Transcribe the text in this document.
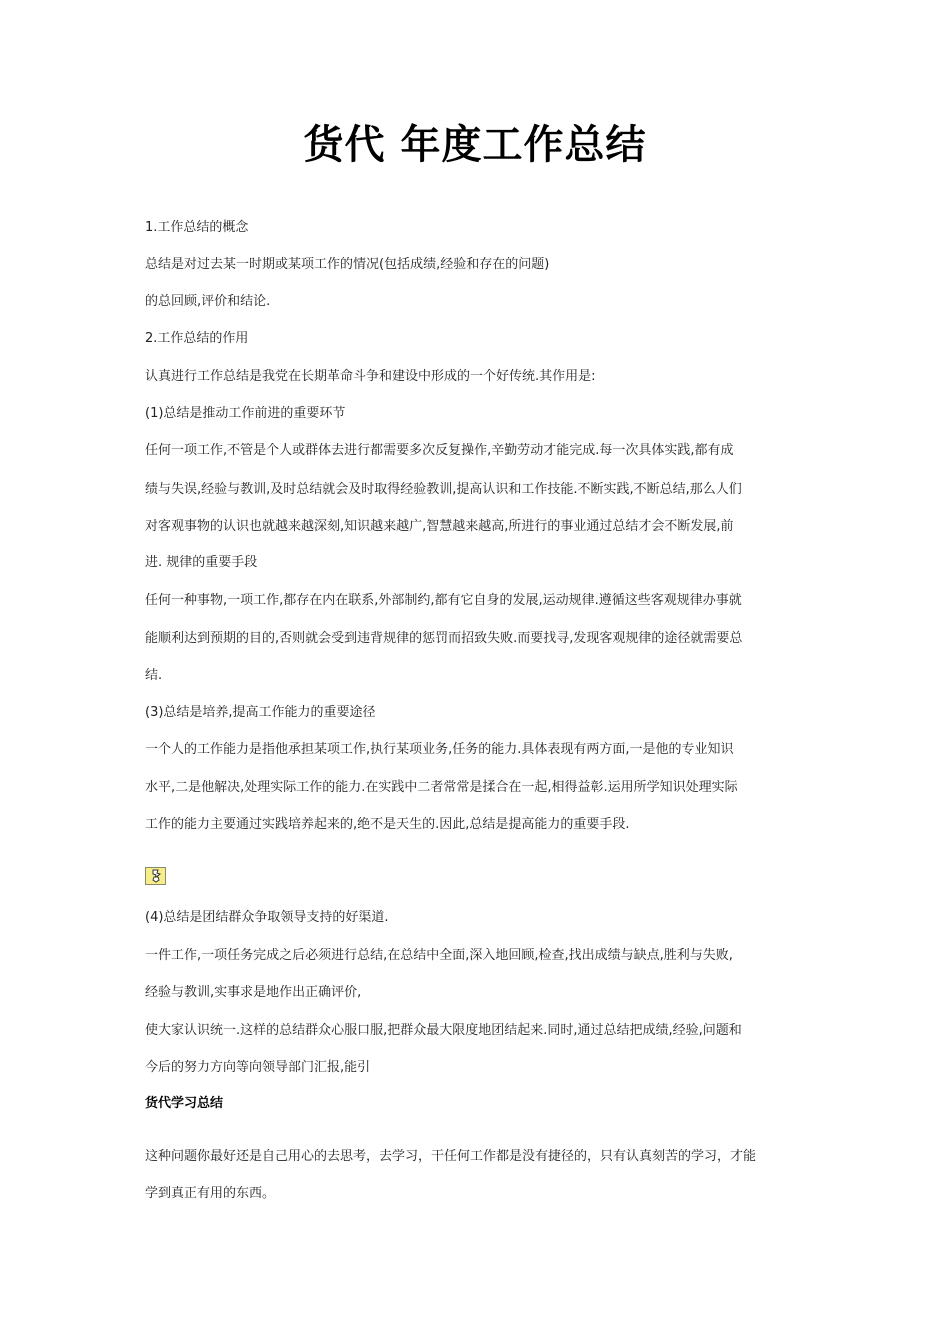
货代 年度工作总结
1.工作总结的概念
总结是对过去某一时期或某项工作的情况(包括成绩,经验和存在的问题)
的总回顾,评价和结论.
2.工作总结的作用
认真进行工作总结是我党在长期革命斗争和建设中形成的一个好传统.其作用是:
(1)总结是推动工作前进的重要环节
任何一项工作,不管是个人或群体去进行都需要多次反复操作,辛勤劳动才能完成.每一次具体实践,都有成
绩与失误,经验与教训,及时总结就会及时取得经验教训,提高认识和工作技能.不断实践,不断总结,那么人们
对客观事物的认识也就越来越深刻,知识越来越广,智慧越来越高,所进行的事业通过总结才会不断发展,前
进. 规律的重要手段
任何一种事物,一项工作,都存在内在联系,外部制约,都有它自身的发展,运动规律.遵循这些客观规律办事就
能顺利达到预期的目的,否则就会受到违背规律的惩罚而招致失败.而要找寻,发现客观规律的途径就需要总
结.
(3)总结是培养,提高工作能力的重要途径
一个人的工作能力是指他承担某项工作,执行某项业务,任务的能力.具体表现有两方面,一是他的专业知识
水平,二是他解决,处理实际工作的能力.在实践中二者常常是揉合在一起,相得益彰.运用所学知识处理实际
工作的能力主要通过实践培养起来的,绝不是天生的.因此,总结是提高能力的重要手段.
(4)总结是团结群众争取领导支持的好渠道.
一件工作,一项任务完成之后必须进行总结,在总结中全面,深入地回顾,检查,找出成绩与缺点,胜利与失败,
经验与教训,实事求是地作出正确评价,
使大家认识统一.这样的总结群众心服口服,把群众最大限度地团结起来.同时,通过总结把成绩,经验,问题和
今后的努力方向等向领导部门汇报,能引
这种问题你最好还是自己用心的去思考，去学习，干任何工作都是没有捷径的，只有认真刻苦的学习，才能
学到真正有用的东西。
货代学习总结
